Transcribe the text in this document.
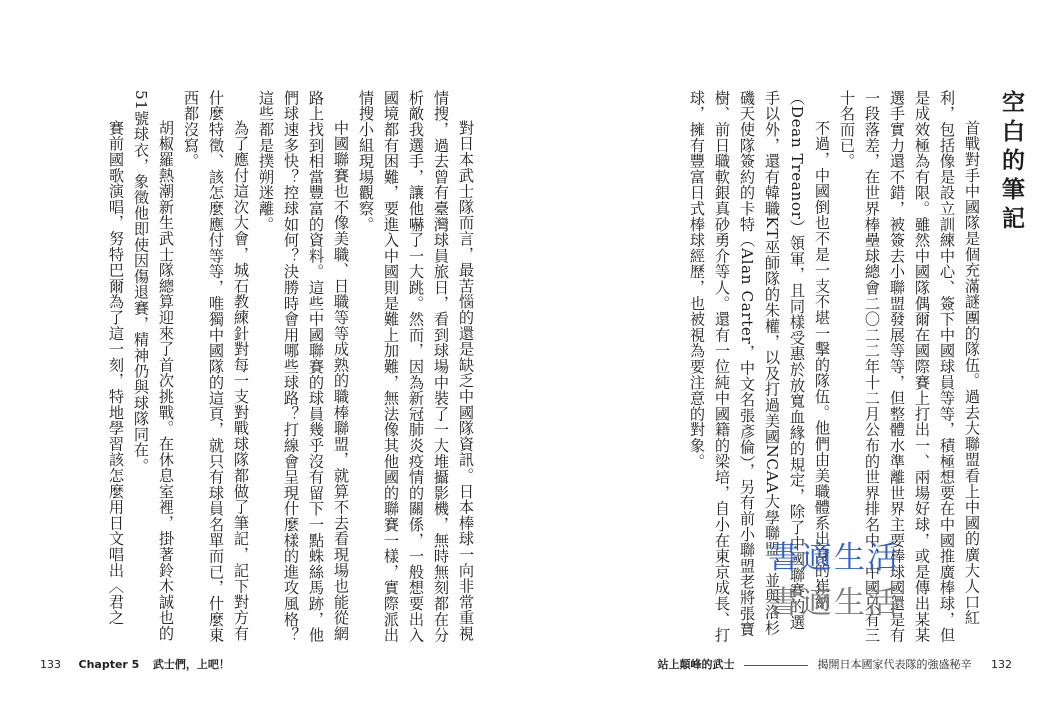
對日本武士隊而言，最苦惱的還是缺乏中國隊資訊。日本棒球一向非常重視情搜，過去曾有臺灣球員旅日，看到球場中裝了一大堆攝影機，無時無刻都在分析敵我選手，讓他嚇了一大跳。然而，因為新冠肺炎疫情的關係，一般想要出入國境都有困難，要進入中國則是難上加難，無法像其他國的聯賽一樣，實際派出情搜小組現場觀察。

中國聯賽也不像美職、日職等等成熟的職棒聯盟，就算不去看現場也能從網路上找到相當豐富的資料。這些中國聯賽的球員幾乎沒有留下一點蛛絲馬跡，他們球速多快？控球如何？決勝時會用哪些球路？打線會呈現什麼樣的進攻風格？這些都是撲朔迷離。

為了應付這次大會，城石教練針對每一支對戰球隊都做了筆記，記下對方有什麼特徵、該怎麼應付等等，唯獨中國隊的這頁，就只有球員名單而已，什麼東西都沒寫。

胡椒羅熱潮新生武士隊總算迎來了首次挑戰。在休息室裡，掛著鈴木誠也的51號球衣，象徵他即使因傷退賽，精神仍與球隊同在。

賽前國歌演唱，努特巴爾為了這一刻，特地學習該怎麼用日文唱出〈君之	空白的筆記

首戰對手中國隊是個充滿謎團的隊伍。過去大聯盟看上中國的廣大人口紅利，包括像是設立訓練中心、簽下中國球員等等，積極想要在中國推廣棒球，但是成效極為有限。雖然中國隊偶爾在國際賽上打出一、兩場好球，或是傳出某某選手實力還不錯，被簽去小聯盟發展等等，但整體水準離世界主要棒球國還是有一段落差，在世界棒壘球總會二〇二二年十二月公布的世界排名中，中國只有三十名而已。

不過，中國倒也不是一支不堪一擊的隊伍。他們由美職體系出身的崔納（Dean Treanor）領軍，且同樣受惠於放寬血緣的規定，除了中國聯賽的選手以外，還有韓職KT巫師隊的朱權，以及打過美國NCAA大學聯盟、並與洛杉磯天使隊簽約的卡特（Alan Carter，中文名張彥倫），另有前小聯盟老將張寶樹、前日職軟銀真砂勇介等人。還有一位純中國籍的梁培，自小在東京成長、打球，擁有豐富日式棒球經歷，也被視為要注意的對象。

書適生活
書適生活
133 Chapter 5 武士們，上吧！	站上顛峰的武士	揭開日本國家代表隊的強盛秘辛 132
